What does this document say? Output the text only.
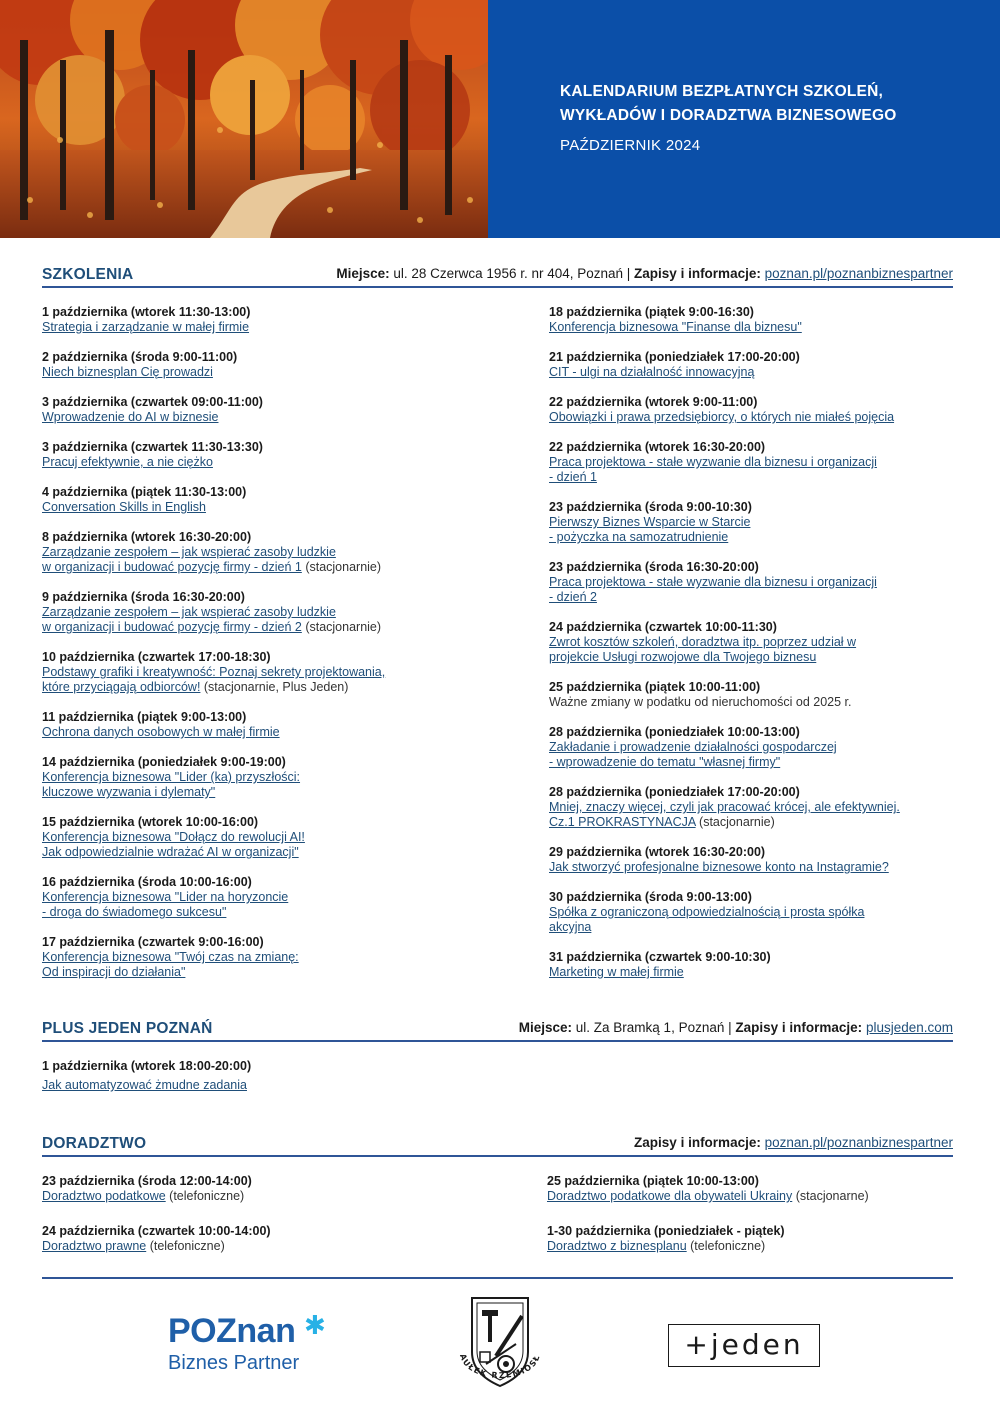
KALENDARIUM BEZPŁATNYCH SZKOLEŃ,
WYKŁADÓW I DORADZTWA BIZNESOWEGO
PAŹDZIERNIK 2024
SZKOLENIA	Miejsce: ul. 28 Czerwca 1956 r. nr 404, Poznań | Zapisy i informacje: poznan.pl/poznanbiznespartner
1 października (wtorek 11:30-13:00)
Strategia i zarządzanie w małej firmie
2 października (środa 9:00-11:00)
Niech biznesplan Cię prowadzi
3 października (czwartek 09:00-11:00)
Wprowadzenie do AI w biznesie
3 października (czwartek 11:30-13:30)
Pracuj efektywnie, a nie ciężko
4 października (piątek 11:30-13:00)
Conversation Skills in English
8 października (wtorek 16:30-20:00)
Zarządzanie zespołem – jak wspierać zasoby ludzkie
w organizacji i budować pozycję firmy - dzień 1 (stacjonarnie)
9 października (środa 16:30-20:00)
Zarządzanie zespołem – jak wspierać zasoby ludzkie
w organizacji i budować pozycję firmy - dzień 2 (stacjonarnie)
10 października (czwartek 17:00-18:30)
Podstawy grafiki i kreatywność: Poznaj sekrety projektowania,
które przyciągają odbiorców! (stacjonarnie, Plus Jeden)
11 października (piątek 9:00-13:00)
Ochrona danych osobowych w małej firmie
14 października (poniedziałek 9:00-19:00)
Konferencja biznesowa "Lider (ka) przyszłości:
kluczowe wyzwania i dylematy"
15 października (wtorek 10:00-16:00)
Konferencja biznesowa "Dołącz do rewolucji AI!
Jak odpowiedzialnie wdrażać AI w organizacji"
16 października (środa 10:00-16:00)
Konferencja biznesowa "Lider na horyzoncie
- droga do świadomego sukcesu"
17 października (czwartek 9:00-16:00)
Konferencja biznesowa "Twój czas na zmianę:
Od inspiracji do działania"
18 października (piątek 9:00-16:30)
Konferencja biznesowa "Finanse dla biznesu"
21 października (poniedziałek 17:00-20:00)
CIT - ulgi na działalność innowacyjną
22 października (wtorek 9:00-11:00)
Obowiązki i prawa przedsiębiorcy, o których nie miałeś pojęcia
22 października (wtorek 16:30-20:00)
Praca projektowa - stałe wyzwanie dla biznesu i organizacji
- dzień 1
23 października (środa 9:00-10:30)
Pierwszy Biznes Wsparcie w Starcie
- pożyczka na samozatrudnienie
23 października (środa 16:30-20:00)
Praca projektowa - stałe wyzwanie dla biznesu i organizacji
- dzień 2
24 października (czwartek 10:00-11:30)
Zwrot kosztów szkoleń, doradztwa itp. poprzez udział w
projekcie Usługi rozwojowe dla Twojego biznesu
25 października (piątek 10:00-11:00)
Ważne zmiany w podatku od nieruchomości od 2025 r.
28 października (poniedziałek 10:00-13:00)
Zakładanie i prowadzenie działalności gospodarczej
- wprowadzenie do tematu "własnej firmy"
28 października (poniedziałek 17:00-20:00)
Mniej, znaczy więcej, czyli jak pracować krócej, ale efektywniej.
Cz.1 PROKRASTYNACJA (stacjonarnie)
29 października (wtorek 16:30-20:00)
Jak stworzyć profesjonalne biznesowe konto na Instagramie?
30 października (środa 9:00-13:00)
Spółka z ograniczoną odpowiedzialnością i prosta spółka
akcyjna
31 października (czwartek 9:00-10:30)
Marketing w małej firmie
PLUS JEDEN POZNAŃ	Miejsce: ul. Za Bramką 1, Poznań | Zapisy i informacje: plusjeden.com
1 października (wtorek 18:00-20:00)
Jak automatyzować żmudne zadania
DORADZTWO	Zapisy i informacje: poznan.pl/poznanbiznespartner
23 października (środa 12:00-14:00)
Doradztwo podatkowe (telefoniczne)
24 października (czwartek 10:00-14:00)
Doradztwo prawne (telefoniczne)
25 października (piątek 10:00-13:00)
Doradztwo podatkowe dla obywateli Ukrainy (stacjonarne)
1-30 października (poniedziałek - piątek)
Doradztwo z biznesplanu (telefoniczne)
POZnan ✱
Biznes Partner	AUŁEK RZEMIOSŁ	+jeden
